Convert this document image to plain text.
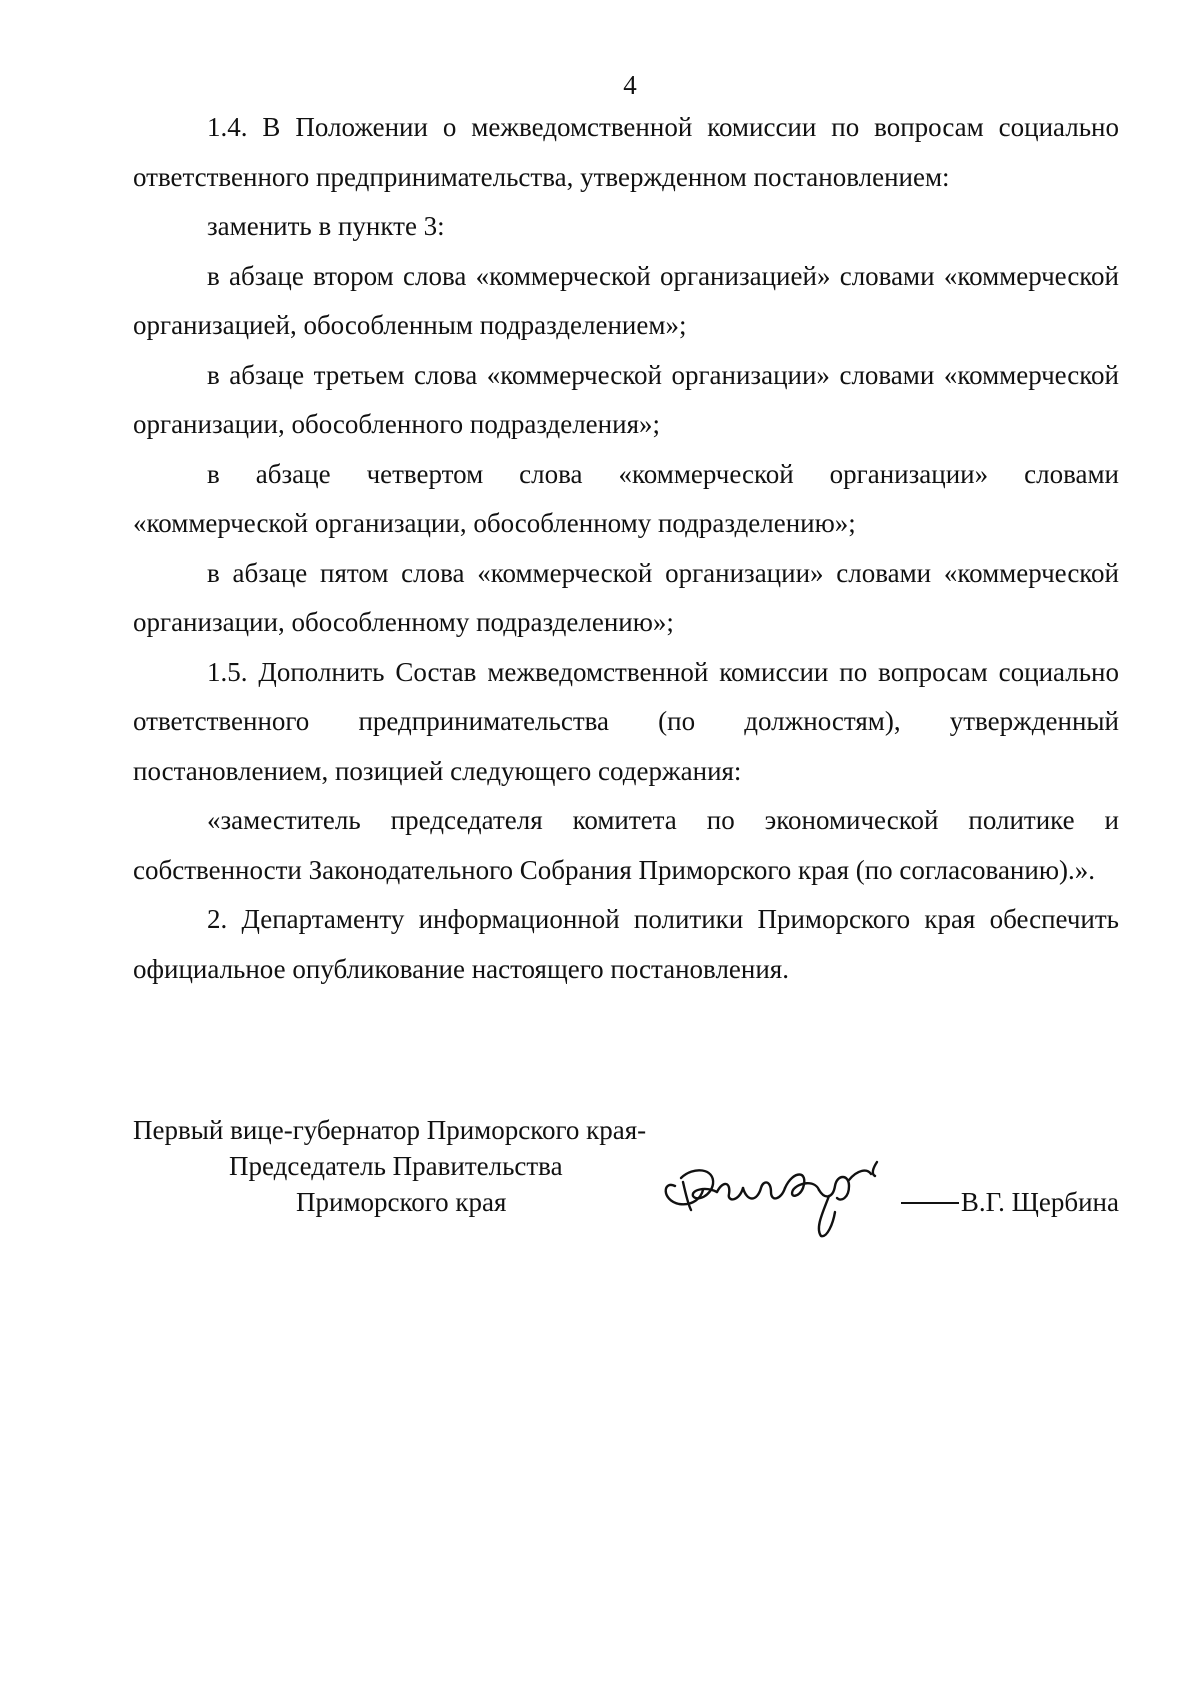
4

1.4. В Положении о межведомственной комиссии по вопросам социально ответственного предпринимательства, утвержденном постановлением:

заменить в пункте 3:

в абзаце втором слова «коммерческой организацией» словами «коммерческой организацией, обособленным подразделением»;

в абзаце третьем слова «коммерческой организации» словами «коммерческой организации, обособленного подразделения»;

в абзаце четвертом слова «коммерческой организации» словами «коммерческой организации, обособленному подразделению»;

в абзаце пятом слова «коммерческой организации» словами «коммерческой организации, обособленному подразделению»;

1.5. Дополнить Состав межведомственной комиссии по вопросам социально ответственного предпринимательства (по должностям), утвержденный постановлением, позицией следующего содержания:

«заместитель председателя комитета по экономической политике и собственности Законодательного Собрания Приморского края (по согласованию).».

2. Департаменту информационной политики Приморского края обеспечить официальное опубликование настоящего постановления.

Первый вице-губернатор Приморского края-
Председатель Правительства
Приморского края	В.Г. Щербина
